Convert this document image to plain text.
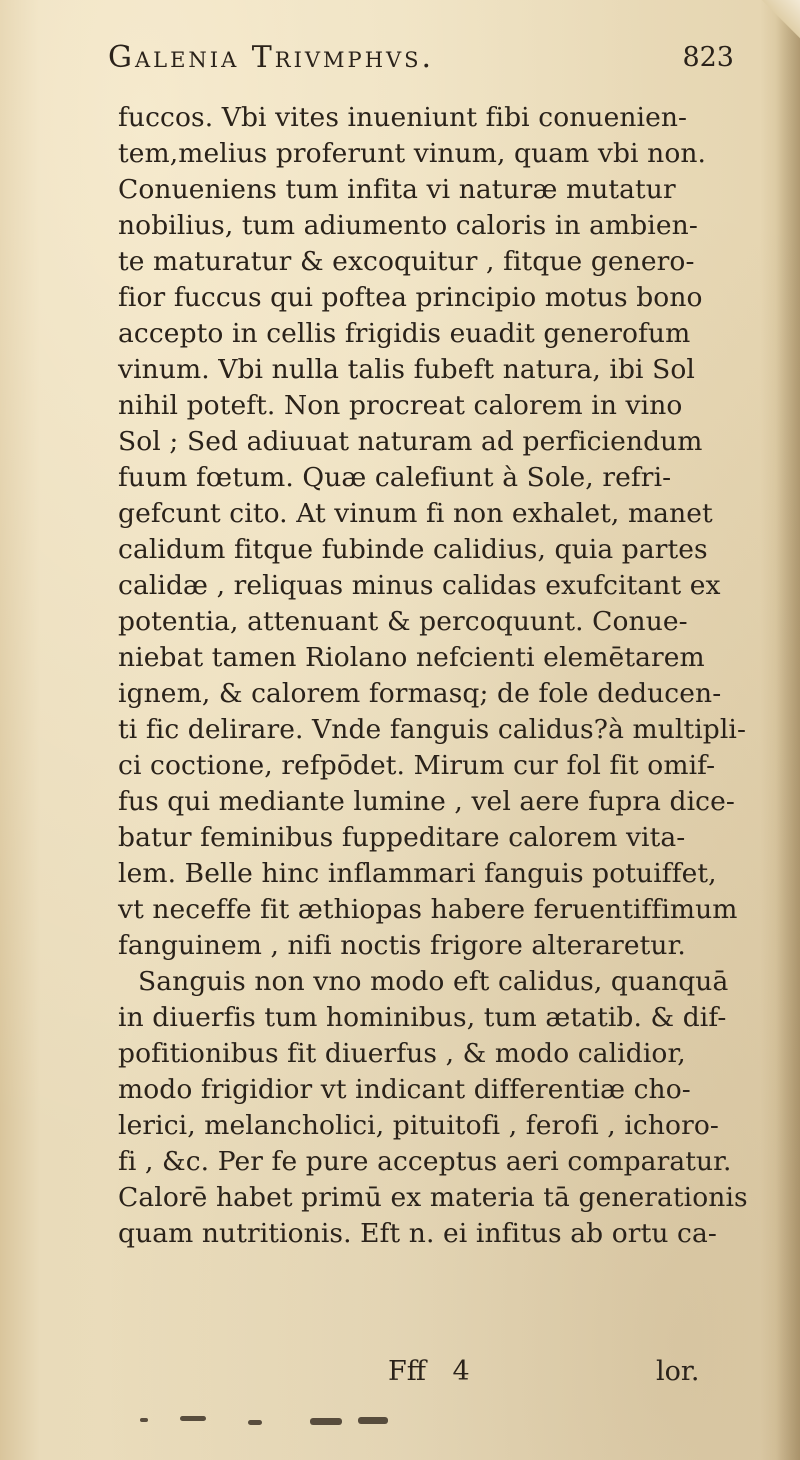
Galenia Trivmphvs.	823
fuccos. Vbi vites inueniunt fibi conuenien-
tem,melius proferunt vinum, quam vbi non.
Conueniens tum infita vi naturæ mutatur
nobilius, tum adiumento caloris in ambien-
te maturatur & excoquitur , fitque genero-
fior fuccus qui poftea principio motus bono
accepto in cellis frigidis euadit generofum
vinum. Vbi nulla talis fubeft natura, ibi Sol
nihil poteft. Non procreat calorem in vino
Sol ; Sed adiuuat naturam ad perficiendum
fuum fœtum. Quæ calefiunt à Sole, refri-
gefcunt cito. At vinum fi non exhalet, manet
calidum fitque fubinde calidius, quia partes
calidæ , reliquas minus calidas exufcitant ex
potentia, attenuant & percoquunt. Conue-
niebat tamen Riolano nefcienti elemētarem
ignem, & calorem formasq; de fole deducen-
ti fic delirare. Vnde fanguis calidus?à multipli-
ci coctione, refpōdet. Mirum cur fol fit omif-
fus qui mediante lumine , vel aere fupra dice-
batur feminibus fuppeditare calorem vita-
lem. Belle hinc inflammari fanguis potuiffet,
vt neceffe fit æthiopas habere feruentiffimum
fanguinem , nifi noctis frigore alteraretur.
Sanguis non vno modo eft calidus, quanquā
in diuerfis tum hominibus, tum ætatib. & dif-
pofitionibus fit diuerfus , & modo calidior,
modo frigidior vt indicant differentiæ cho-
lerici, melancholici, pituitofi , ferofi , ichoro-
fi , &c. Per fe pure acceptus aeri comparatur.
Calorē habet primū ex materia tā generationis
quam nutritionis. Eft n. ei infitus ab ortu ca-
Fff 4	lor.
